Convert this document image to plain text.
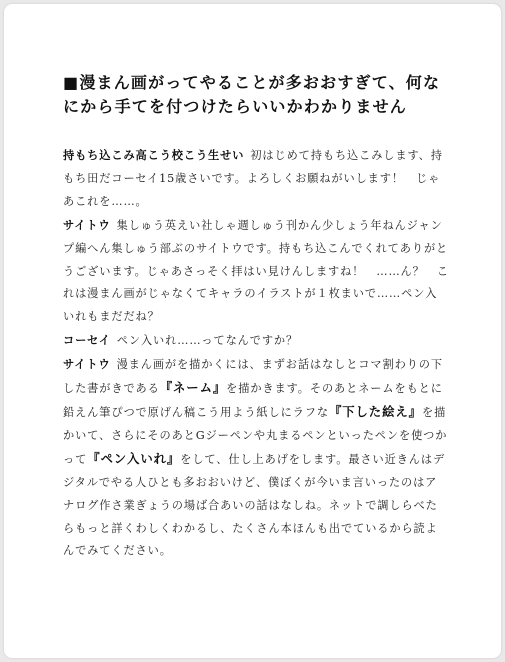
■漫まん画がってやることが多おおすぎて、何なにから手てを付つけたらいいかわかりません

持もち込こみ高こう校こう生せい 初はじめて持もち込こみします、持もち田だコーセイ15歳さいです。よろしくお願ねがいします！　じゃあこれを……。

サイトウ 集しゅう英えい社しゃ週しゅう刊かん少しょう年ねんジャンプ編へん集しゅう部ぶのサイトウです。持もち込こんでくれてありがとうございます。じゃあさっそく拝はい見けんしますね！　……ん？　これは漫まん画がじゃなくてキャラのイラストが１枚まいで……ペン入いれもまだだね？

コーセイ ペン入いれ……ってなんですか？

サイトウ 漫まん画がを描かくには、まずお話はなしとコマ割わりの下した書がきである『ネーム』を描かきます。そのあとネームをもとに鉛えん筆ぴつで原げん稿こう用よう紙しにラフな『下した絵え』を描かいて、さらにそのあとGジーペンや丸まるペンといったペンを使つかって『ペン入いれ』をして、仕し上あげをします。最さい近きんはデジタルでやる人ひとも多おおいけど、僕ぼくが今いま言いったのはアナログ作さ業ぎょうの場ば合あいの話はなしね。ネットで調しらべたらもっと詳くわしくわかるし、たくさん本ほんも出でているから読よんでみてください。
